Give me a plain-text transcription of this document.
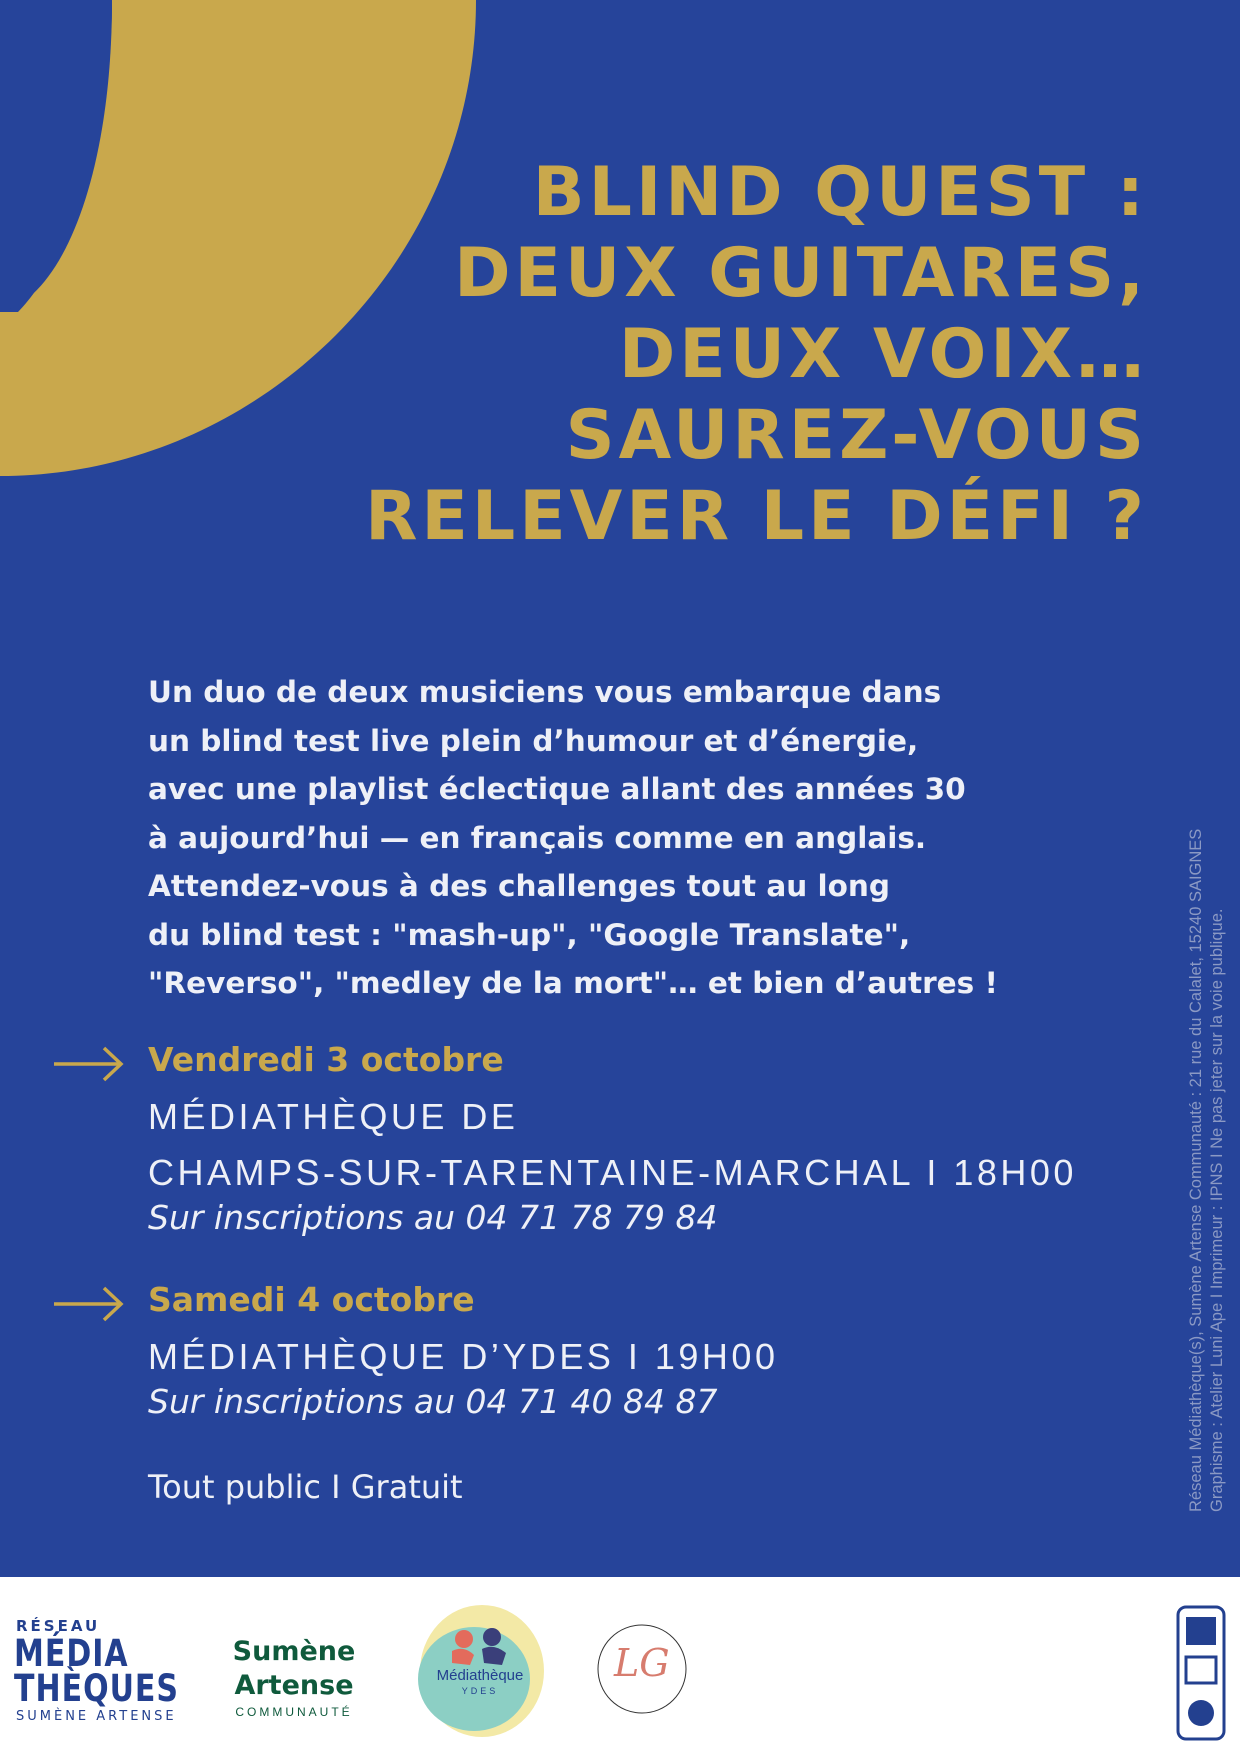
BLIND QUEST :
DEUX GUITARES,
DEUX VOIX…
SAUREZ-VOUS
RELEVER LE DÉFI ?

Un duo de deux musiciens vous embarque dans
un blind test live plein d’humour et d’énergie,
avec une playlist éclectique allant des années 30
à aujourd’hui — en français comme en anglais.
Attendez-vous à des challenges tout au long
du blind test : "mash-up", "Google Translate",
"Reverso", "medley de la mort"… et bien d’autres !

Vendredi 3 octobre
MÉDIATHÈQUE DE
CHAMPS-SUR-TARENTAINE-MARCHAL I 18H00
Sur inscriptions au 04 71 78 79 84
Samedi 4 octobre
MÉDIATHÈQUE D’YDES I 19H00
Sur inscriptions au 04 71 40 84 87
Tout public I Gratuit	Réseau Médiathèque(s), Sumène Artense Communauté : 21 rue du Calalet, 15240 SAIGNES Graphisme : Atelier Luni Ape I Imprimeur : IPNS I Ne pas jeter sur la voie publique.
RÉSEAU
MÉDIA
THÈQUES
SUMÈNE ARTENSE
Sumène
Artense
COMMUNAUTÉ
Médiathèque
YDES
LG
